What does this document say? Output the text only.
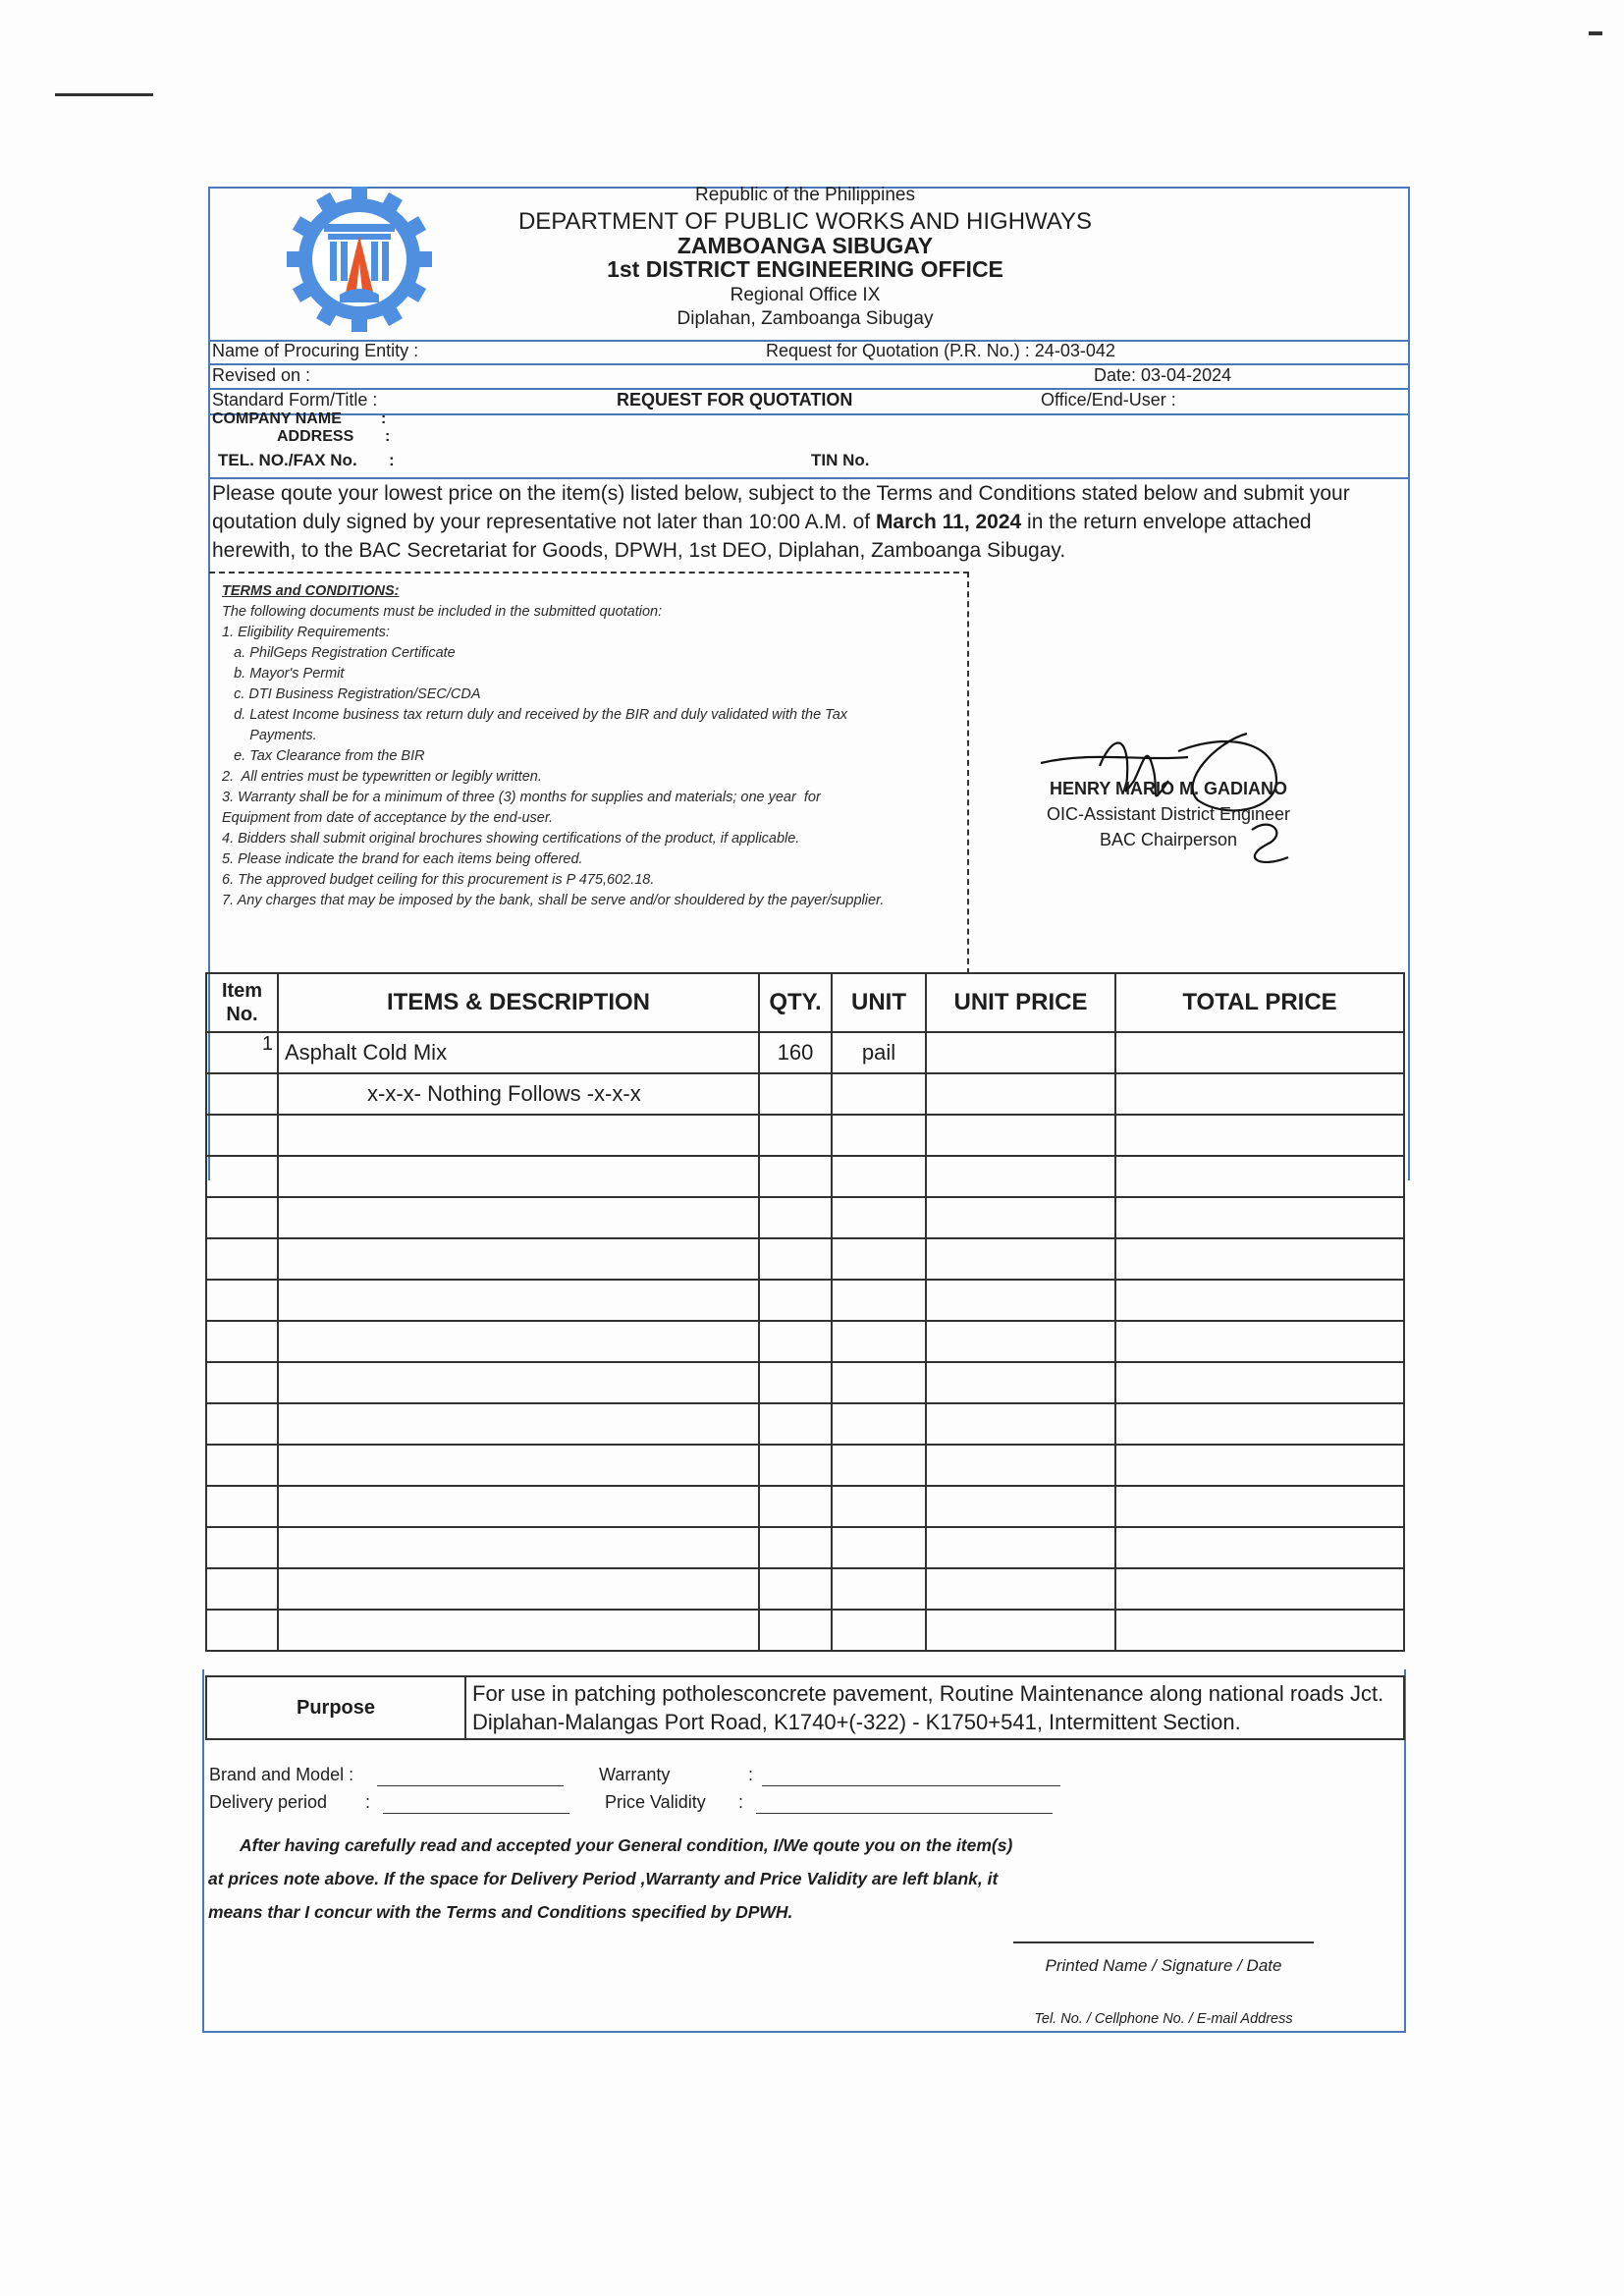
Republic of the Philippines
DEPARTMENT OF PUBLIC WORKS AND HIGHWAYS
ZAMBOANGA SIBUGAY
1st DISTRICT ENGINEERING OFFICE
Regional Office IX
Diplahan, Zamboanga Sibugay
Name of Procuring Entity :	Request for Quotation (P.R. No.) : 24-03-042
Revised on :	Date: 03-04-2024
Standard Form/Title :	REQUEST FOR QUOTATION	Office/End-User :
COMPANY NAME	:
ADDRESS :
TEL. NO./FAX No. :	TIN No.
Please qoute your lowest price on the item(s) listed below, subject to the Terms and Conditions stated below and submit your qoutation duly signed by your representative not later than 10:00 A.M. of March 11, 2024 in the return envelope attached herewith, to the BAC Secretariat for Goods, DPWH, 1st DEO, Diplahan, Zamboanga Sibugay.
TERMS and CONDITIONS:
The following documents must be included in the submitted quotation:
1. Eligibility Requirements:
a. PhilGeps Registration Certificate
b. Mayor's Permit
c. DTI Business Registration/SEC/CDA
d. Latest Income business tax return duly and received by the BIR and duly validated with the Tax
Payments.
e. Tax Clearance from the BIR
2.  All entries must be typewritten or legibly written.
3. Warranty shall be for a minimum of three (3) months for supplies and materials; one year  for
Equipment from date of acceptance by the end-user.
4. Bidders shall submit original brochures showing certifications of the product, if applicable.
5. Please indicate the brand for each items being offered.
6. The approved budget ceiling for this procurement is P 475,602.18.
7. Any charges that may be imposed by the bank, shall be serve and/or shouldered by the payer/supplier.
HENRY MARIO M. GADIANO
OIC-Assistant District Engineer
BAC Chairperson
Item
No.	ITEMS & DESCRIPTION	QTY.	UNIT	UNIT PRICE	TOTAL PRICE
1	Asphalt Cold Mix	160	pail		
	x-x-x- Nothing Follows -x-x-x				

Purpose	For use in patching potholesconcrete pavement, Routine Maintenance along national roads Jct. Diplahan-Malangas Port Road, K1740+(-322) - K1750+541, Intermittent Section.
Brand and Model :	Warranty	:
Delivery period :	Price Validity :
After having carefully read and accepted your General condition, I/We qoute you on the item(s)
at prices note above. If the space for Delivery Period ,Warranty and Price Validity are left blank, it
means thar I concur with the Terms and Conditions specified by DPWH.
Printed Name / Signature / Date
Tel. No. / Cellphone No. / E-mail Address
